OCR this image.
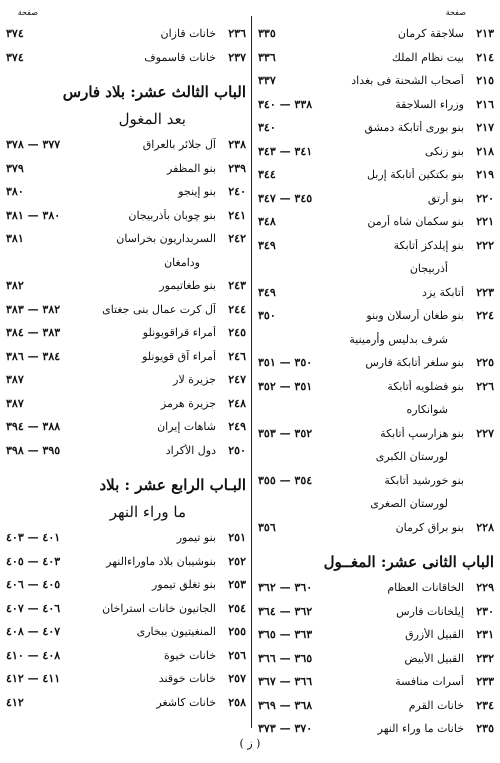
صفحة
٢١٣
سلاجقة كرمان
٣٣٥
٢١٤
بيت نظام الملك
٣٣٦
٢١٥
أصحاب الشحنة فى بغداد
٣٣٧
٢١٦
وزراء السلاجقة
٣٣٨ — ٣٤٠
٢١٧
بنو بورى أتابكة دمشق
٣٤٠
٢١٨
بنو زنكى
٣٤١ — ٣٤٣
٢١٩
بنو بكتكين أتابكة إربل
٣٤٤
٢٢٠
بنو أرتق
٣٤٥ — ٣٤٧
٢٢١
بنو سكمان شاه أرمن
٣٤٨
٢٢٢
بنو إيلدكز أتابكة
٣٤٩
أذربيجان
٢٢٣
أتابكة يزد
٣٤٩
٢٢٤
بنو طغان أرسلان وبنو
٣٥٠
شرف بدليس وأرمينية
٢٢٥
بنو سلغر أتابكة فارس
٣٥٠ — ٣٥١
٢٢٦
بنو فضلويه أتابكة
٣٥١ — ٣٥٢
شوانكاره
٢٢٧
بنو هزارسپ أتابكة
٣٥٢ — ٣٥٣
لورستان الكبرى
بنو خورشيد أتابكة
٣٥٤ — ٣٥٥
لورستان الصغرى
٢٢٨
بنو براق كرمان
٣٥٦
الباب الثانى عشر: المغــول
٢٢٩
الخاقانات العظام
٣٦٠ — ٣٦٢
٢٣٠
إيلخانات فارس
٣٦٢ — ٣٦٤
٢٣١
القبيل الأزرق
٣٦٣ — ٣٦٥
٢٣٢
القبيل الأبيض
٣٦٥ — ٣٦٦
٢٣٣
أسرات منافسة
٣٦٦ — ٣٦٧
٢٣٤
خانات القرم
٣٦٨ — ٣٦٩
٢٣٥
خانات ما وراء النهر
٣٧٠ — ٣٧٣
صفحة
٢٣٦
خانات قازان
٣٧٤
٢٣٧
خانات قاسموف
٣٧٤
الباب الثالث عشر: بلاد فارس
بعد المغول
٢٣٨
آل جلائر بالعراق
٣٧٧ — ٣٧٨
٢٣٩
بنو المظفر
٣٧٩
٢٤٠
بنو إينجو
٣٨٠
٢٤١
بنو چوبان بأذربيجان
٣٨٠ — ٣٨١
٢٤٢
السربداريون بخراسان
٣٨١
ودامغان
٢٤٣
بنو طغاتيمور
٣٨٢
٢٤٤
آل كرت عمال بنى جغتاى
٣٨٢ — ٣٨٣
٢٤٥
أمراء قراقويونلو
٣٨٣ — ٣٨٤
٢٤٦
أمراء آق قويونلو
٣٨٤ — ٣٨٦
٢٤٧
جزيرة لار
٣٨٧
٢٤٨
جزيرة هرمز
٣٨٧
٢٤٩
شاهات إيران
٣٨٨ — ٣٩٤
٢٥٠
دول الأكراد
٣٩٥ — ٣٩٨
البـاب الرابع عشر : بلاد
ما وراء النهر
٢٥١
بنو تيمور
٤٠١ — ٤٠٣
٢٥٢
بنوشيبان بلاد ماوراءالنهر
٤٠٣ — ٤٠٥
٢٥٣
بنو تغلق تيمور
٤٠٥ — ٤٠٦
٢٥٤
الجانيون خانات استراخان
٤٠٦ — ٤٠٧
٢٥٥
المنغيتيون ببخارى
٤٠٧ — ٤٠٨
٢٥٦
خانات خيوة
٤٠٨ — ٤١٠
٢٥٧
خانات خوقند
٤١١ — ٤١٢
٢٥٨
خانات كاشغر
٤١٢
( ز )
